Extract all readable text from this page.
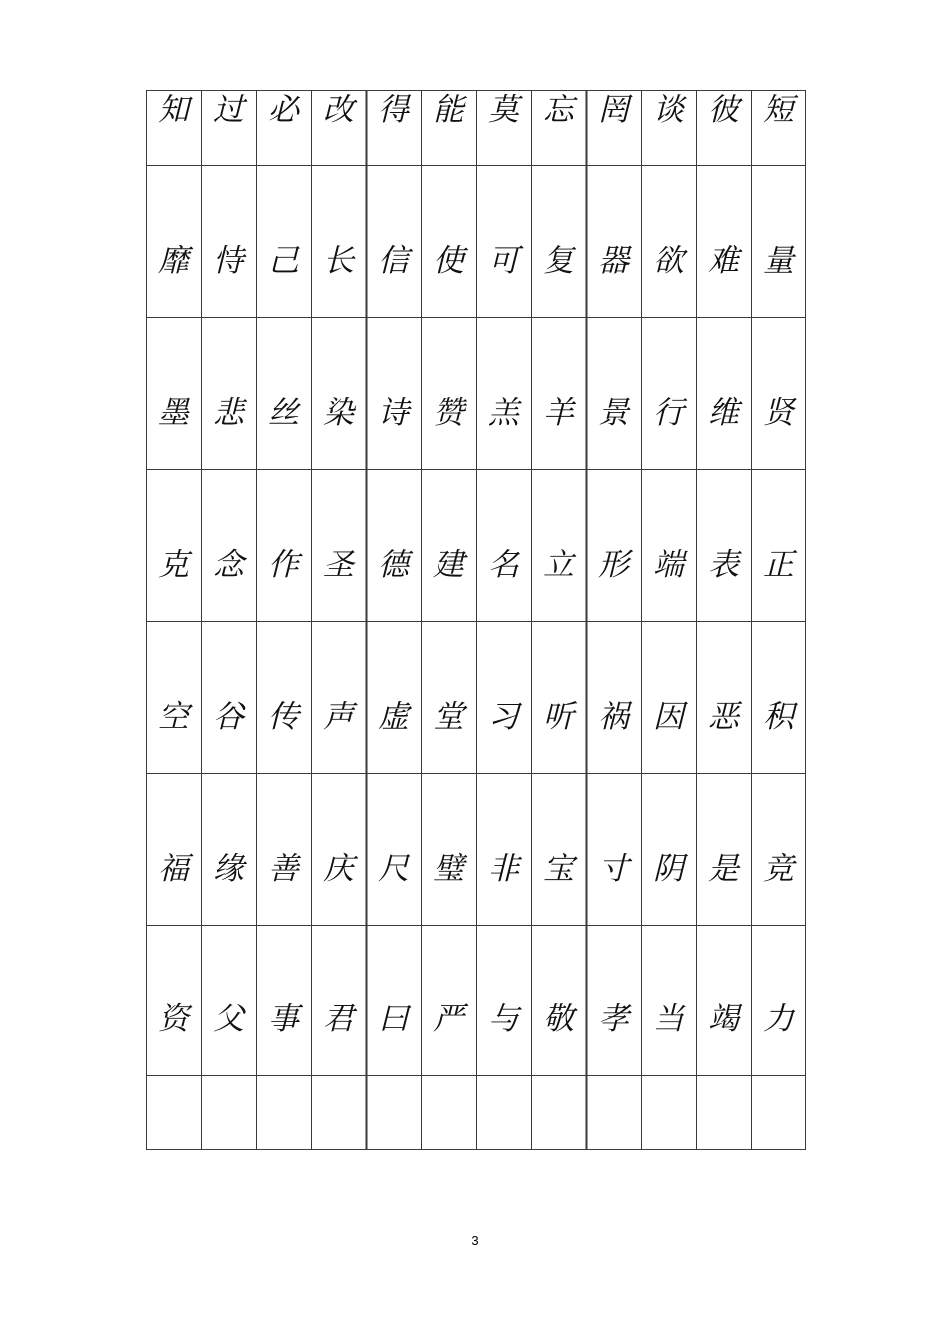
知 过 必 改 得 能 莫 忘 罔 谈 彼 短
靡 恃 己 长 信 使 可 复 器 欲 难 量
墨 悲 丝 染 诗 赞 羔 羊 景 行 维 贤
克 念 作 圣 德 建 名 立 形 端 表 正
空 谷 传 声 虚 堂 习 听 祸 因 恶 积
福 缘 善 庆 尺 璧 非 宝 寸 阴 是 竞
资 父 事 君 曰 严 与 敬 孝 当 竭 力
3
